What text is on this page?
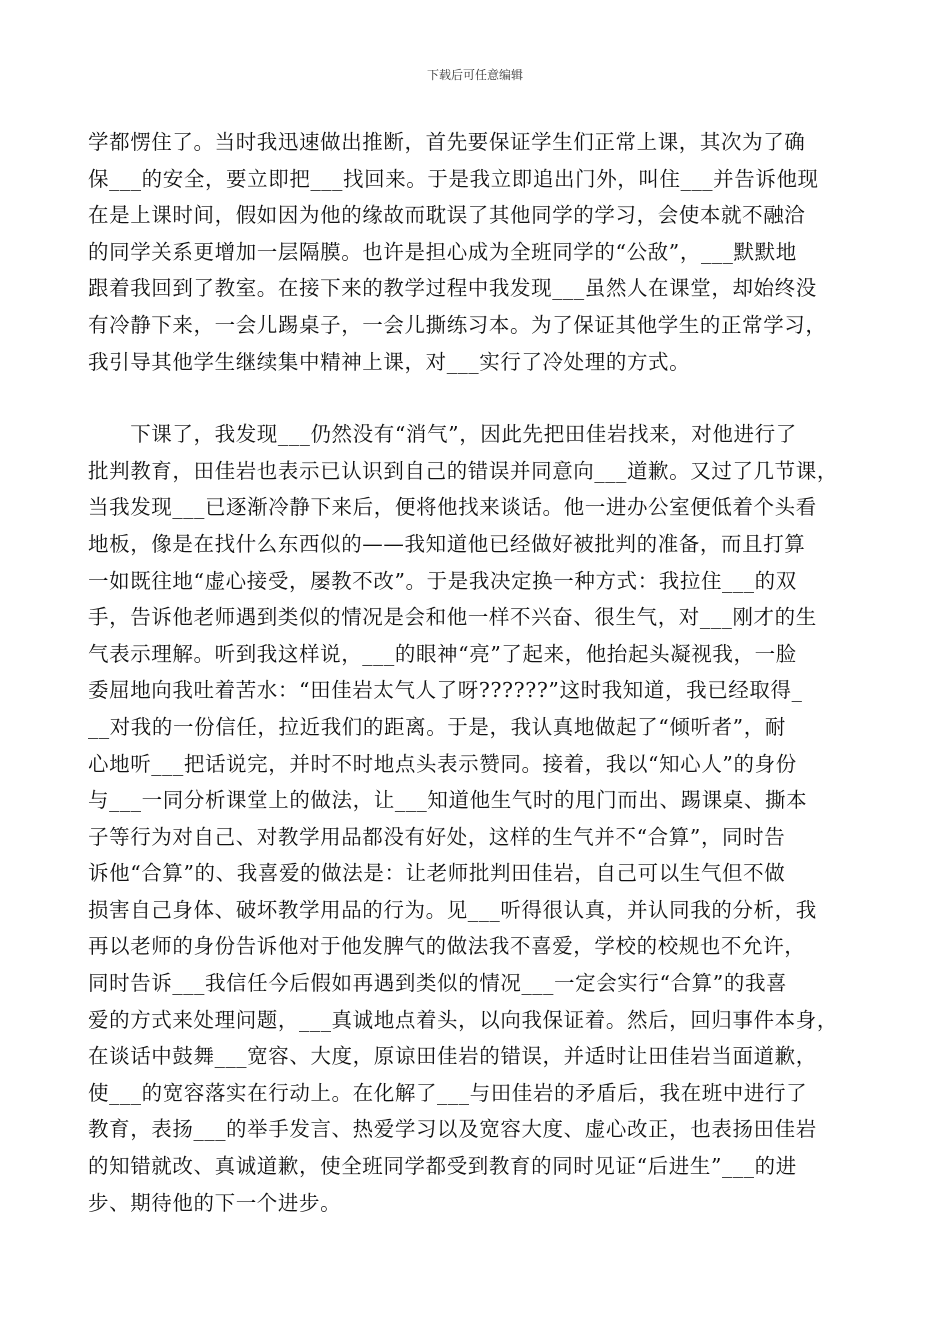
下载后可任意编辑
学都愣住了。当时我迅速做出推断，首先要保证学生们正常上课，其次为了确
保___的安全，要立即把___找回来。于是我立即追出门外，叫住___并告诉他现
在是上课时间，假如因为他的缘故而耽误了其他同学的学习，会使本就不融洽
的同学关系更增加一层隔膜。也许是担心成为全班同学的“公敌”，___默默地
跟着我回到了教室。在接下来的教学过程中我发现___虽然人在课堂，却始终没
有冷静下来，一会儿踢桌子，一会儿撕练习本。为了保证其他学生的正常学习，
我引导其他学生继续集中精神上课，对___实行了冷处理的方式。
　　下课了，我发现___仍然没有“消气”，因此先把田佳岩找来，对他进行了
批判教育，田佳岩也表示已认识到自己的错误并同意向___道歉。又过了几节课，
当我发现___已逐渐冷静下来后，便将他找来谈话。他一进办公室便低着个头看
地板，像是在找什么东西似的——我知道他已经做好被批判的准备，而且打算
一如既往地“虚心接受，屡教不改”。于是我决定换一种方式：我拉住___的双
手，告诉他老师遇到类似的情况是会和他一样不兴奋、很生气，对___刚才的生
气表示理解。听到我这样说，___的眼神“亮”了起来，他抬起头凝视我，一脸
委屈地向我吐着苦水：“田佳岩太气人了呀??????”这时我知道，我已经取得_
__对我的一份信任，拉近我们的距离。于是，我认真地做起了“倾听者”，耐
心地听___把话说完，并时不时地点头表示赞同。接着，我以“知心人”的身份
与___一同分析课堂上的做法，让___知道他生气时的甩门而出、踢课桌、撕本
子等行为对自己、对教学用品都没有好处，这样的生气并不“合算”，同时告
诉他“合算”的、我喜爱的做法是：让老师批判田佳岩，自己可以生气但不做
损害自己身体、破坏教学用品的行为。见___听得很认真，并认同我的分析，我
再以老师的身份告诉他对于他发脾气的做法我不喜爱，学校的校规也不允许，
同时告诉___我信任今后假如再遇到类似的情况___一定会实行“合算”的我喜
爱的方式来处理问题，___真诚地点着头，以向我保证着。然后，回归事件本身，
在谈话中鼓舞___宽容、大度，原谅田佳岩的错误，并适时让田佳岩当面道歉，
使___的宽容落实在行动上。在化解了___与田佳岩的矛盾后，我在班中进行了
教育，表扬___的举手发言、热爱学习以及宽容大度、虚心改正，也表扬田佳岩
的知错就改、真诚道歉，使全班同学都受到教育的同时见证“后进生”___的进
步、期待他的下一个进步。
